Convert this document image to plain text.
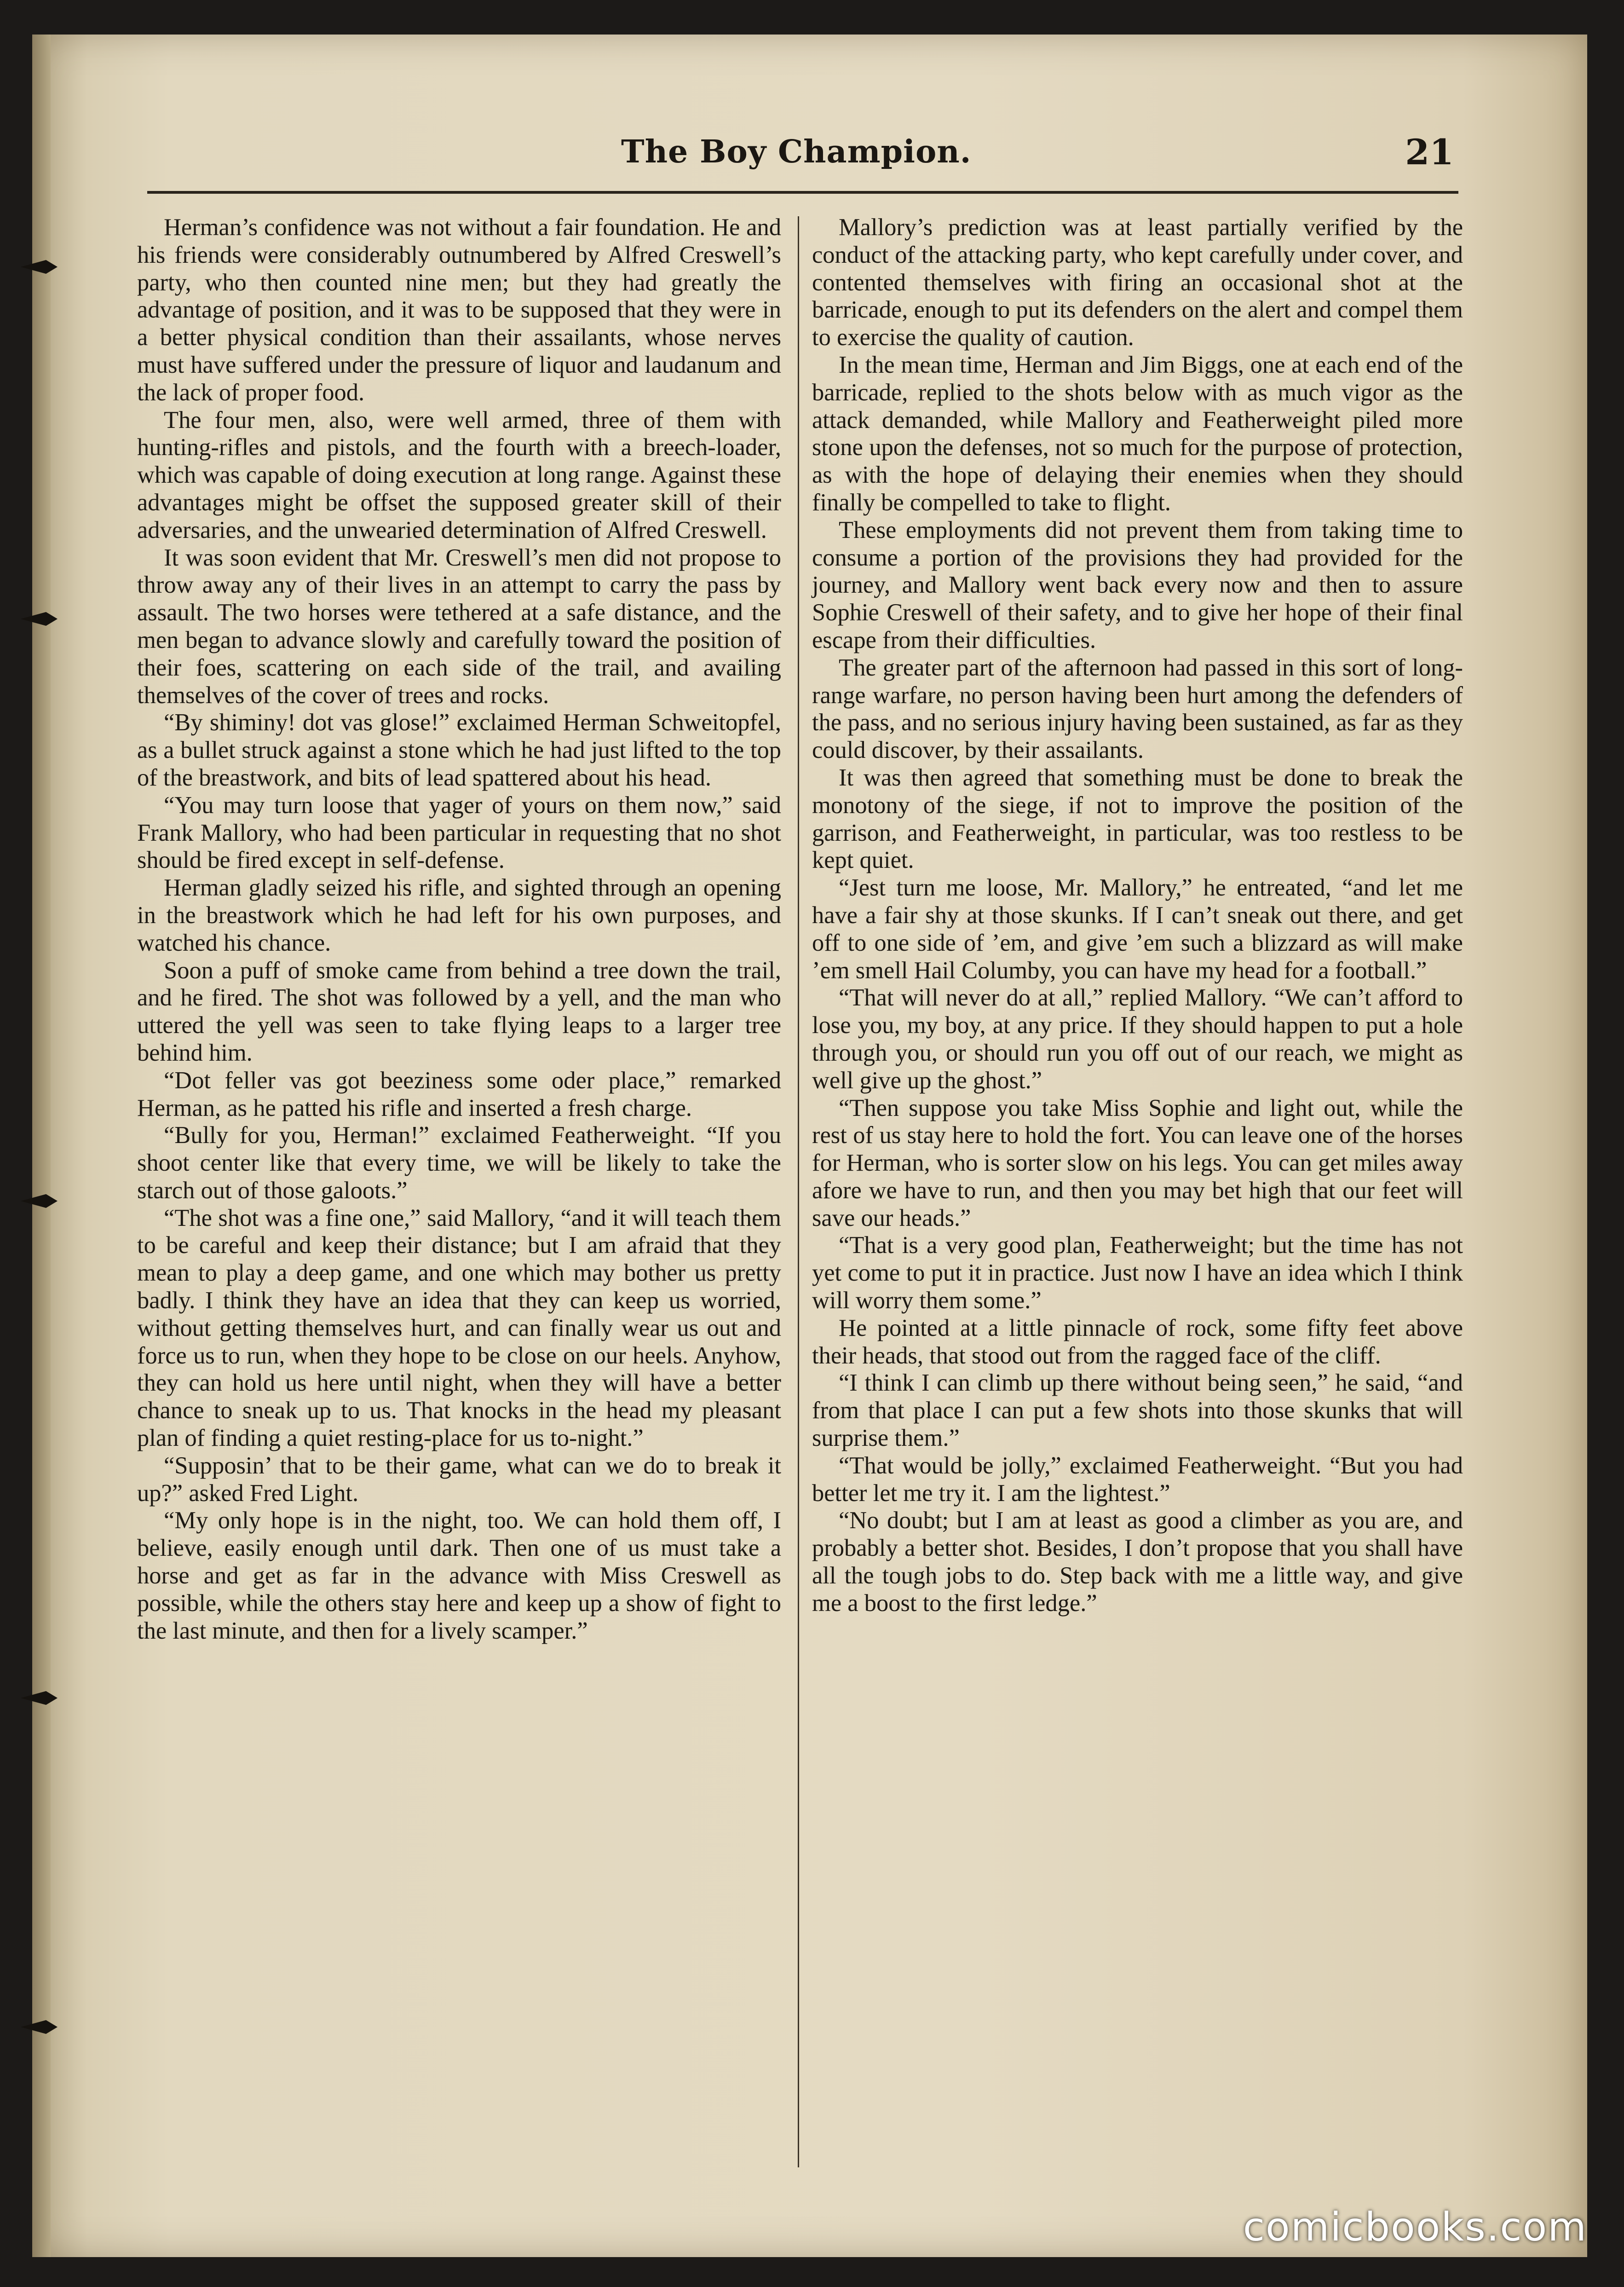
The Boy Champion.	21

Herman’s confidence was not without a fair foundation. He and his friends were considerably outnumbered by Alfred Creswell’s party, who then counted nine men; but they had greatly the advantage of position, and it was to be supposed that they were in a better physical condition than their assailants, whose nerves must have suffered under the pressure of liquor and laudanum and the lack of proper food.

The four men, also, were well armed, three of them with hunting-rifles and pistols, and the fourth with a breech-loader, which was capable of doing execution at long range. Against these advantages might be offset the supposed greater skill of their adversaries, and the unwearied determination of Alfred Creswell.

It was soon evident that Mr. Creswell’s men did not propose to throw away any of their lives in an attempt to carry the pass by assault. The two horses were tethered at a safe distance, and the men began to advance slowly and carefully toward the position of their foes, scattering on each side of the trail, and availing themselves of the cover of trees and rocks.

“By shiminy! dot vas glose!” exclaimed Herman Schweitopfel, as a bullet struck against a stone which he had just lifted to the top of the breastwork, and bits of lead spattered about his head.

“You may turn loose that yager of yours on them now,” said Frank Mallory, who had been particular in requesting that no shot should be fired except in self-defense.

Herman gladly seized his rifle, and sighted through an opening in the breastwork which he had left for his own purposes, and watched his chance.

Soon a puff of smoke came from behind a tree down the trail, and he fired. The shot was followed by a yell, and the man who uttered the yell was seen to take flying leaps to a larger tree behind him.

“Dot feller vas got beeziness some oder place,” remarked Herman, as he patted his rifle and inserted a fresh charge.

“Bully for you, Herman!” exclaimed Featherweight. “If you shoot center like that every time, we will be likely to take the starch out of those galoots.”

“The shot was a fine one,” said Mallory, “and it will teach them to be careful and keep their distance; but I am afraid that they mean to play a deep game, and one which may bother us pretty badly. I think they have an idea that they can keep us worried, without getting themselves hurt, and can finally wear us out and force us to run, when they hope to be close on our heels. Anyhow, they can hold us here until night, when they will have a better chance to sneak up to us. That knocks in the head my pleasant plan of finding a quiet resting-place for us to-night.”

“Supposin’ that to be their game, what can we do to break it up?” asked Fred Light.

“My only hope is in the night, too. We can hold them off, I believe, easily enough until dark. Then one of us must take a horse and get as far in the advance with Miss Creswell as possible, while the others stay here and keep up a show of fight to the last minute, and then for a lively scamper.”

Mallory’s prediction was at least partially verified by the conduct of the attacking party, who kept carefully under cover, and contented themselves with firing an occasional shot at the barricade, enough to put its defenders on the alert and compel them to exercise the quality of caution.

In the mean time, Herman and Jim Biggs, one at each end of the barricade, replied to the shots below with as much vigor as the attack demanded, while Mallory and Featherweight piled more stone upon the defenses, not so much for the purpose of protection, as with the hope of delaying their enemies when they should finally be compelled to take to flight.

These employments did not prevent them from taking time to consume a portion of the provisions they had provided for the journey, and Mallory went back every now and then to assure Sophie Creswell of their safety, and to give her hope of their final escape from their difficulties.

The greater part of the afternoon had passed in this sort of long-range warfare, no person having been hurt among the defenders of the pass, and no serious injury having been sustained, as far as they could discover, by their assailants.

It was then agreed that something must be done to break the monotony of the siege, if not to improve the position of the garrison, and Featherweight, in particular, was too restless to be kept quiet.

“Jest turn me loose, Mr. Mallory,” he entreated, “and let me have a fair shy at those skunks. If I can’t sneak out there, and get off to one side of ’em, and give ’em such a blizzard as will make ’em smell Hail Columby, you can have my head for a football.”

“That will never do at all,” replied Mallory. “We can’t afford to lose you, my boy, at any price. If they should happen to put a hole through you, or should run you off out of our reach, we might as well give up the ghost.”

“Then suppose you take Miss Sophie and light out, while the rest of us stay here to hold the fort. You can leave one of the horses for Herman, who is sorter slow on his legs. You can get miles away afore we have to run, and then you may bet high that our feet will save our heads.”

“That is a very good plan, Featherweight; but the time has not yet come to put it in practice. Just now I have an idea which I think will worry them some.”

He pointed at a little pinnacle of rock, some fifty feet above their heads, that stood out from the ragged face of the cliff.

“I think I can climb up there without being seen,” he said, “and from that place I can put a few shots into those skunks that will surprise them.”

“That would be jolly,” exclaimed Featherweight. “But you had better let me try it. I am the lightest.”

“No doubt; but I am at least as good a climber as you are, and probably a better shot. Besides, I don’t propose that you shall have all the tough jobs to do. Step back with me a little way, and give me a boost to the first ledge.”

comicbooks.com
